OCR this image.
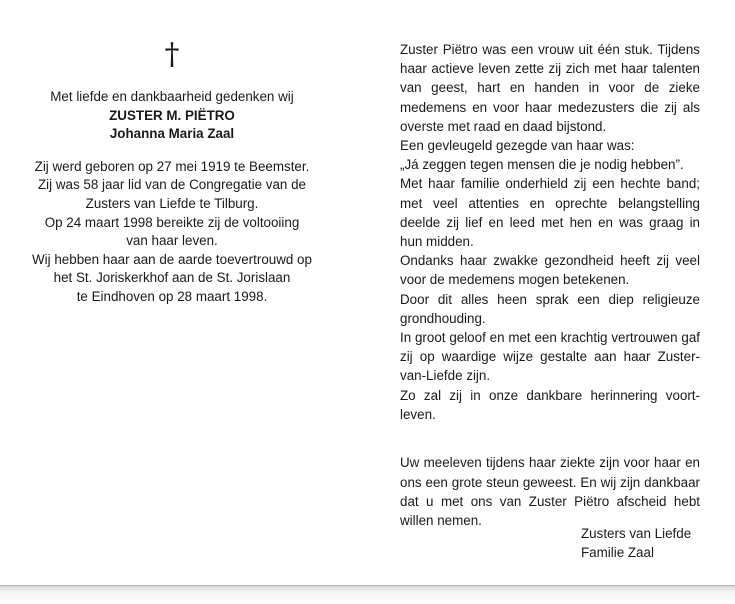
†

Met liefde en dankbaarheid gedenken wij

ZUSTER M. PIËTRO

Johanna Maria Zaal

Zij werd geboren op 27 mei 1919 te Beemster.

Zij was 58 jaar lid van de Congregatie van de

Zusters van Liefde te Tilburg.

Op 24 maart 1998 bereikte zij de voltooiing

van haar leven.

Wij hebben haar aan de aarde toevertrouwd op

het St. Joriskerkhof aan de St. Jorislaan

te Eindhoven op 28 maart 1998.

Zuster Piëtro was een vrouw uit één stuk. Tijdens haar actieve leven zette zij zich met haar talenten van geest, hart en handen in voor de zieke medemens en voor haar medezusters die zij als overste met raad en daad bijstond.

Een gevleugeld gezegde van haar was:

„Já zeggen tegen mensen die je nodig hebben”.

Met haar familie onderhield zij een hechte band; met veel attenties en oprechte belangstelling deelde zij lief en leed met hen en was graag in hun midden.

Ondanks haar zwakke gezondheid heeft zij veel voor de medemens mogen betekenen.

Door dit alles heen sprak een diep religieuze grondhouding.

In groot geloof en met een krachtig vertrouwen gaf zij op waardige wijze gestalte aan haar Zuster-van-Liefde zijn.

Zo zal zij in onze dankbare herinnering voort- leven.

Uw meeleven tijdens haar ziekte zijn voor haar en ons een grote steun geweest. En wij zijn dankbaar dat u met ons van Zuster Piëtro afscheid hebt willen nemen.

Zusters van Liefde
Familie Zaal
